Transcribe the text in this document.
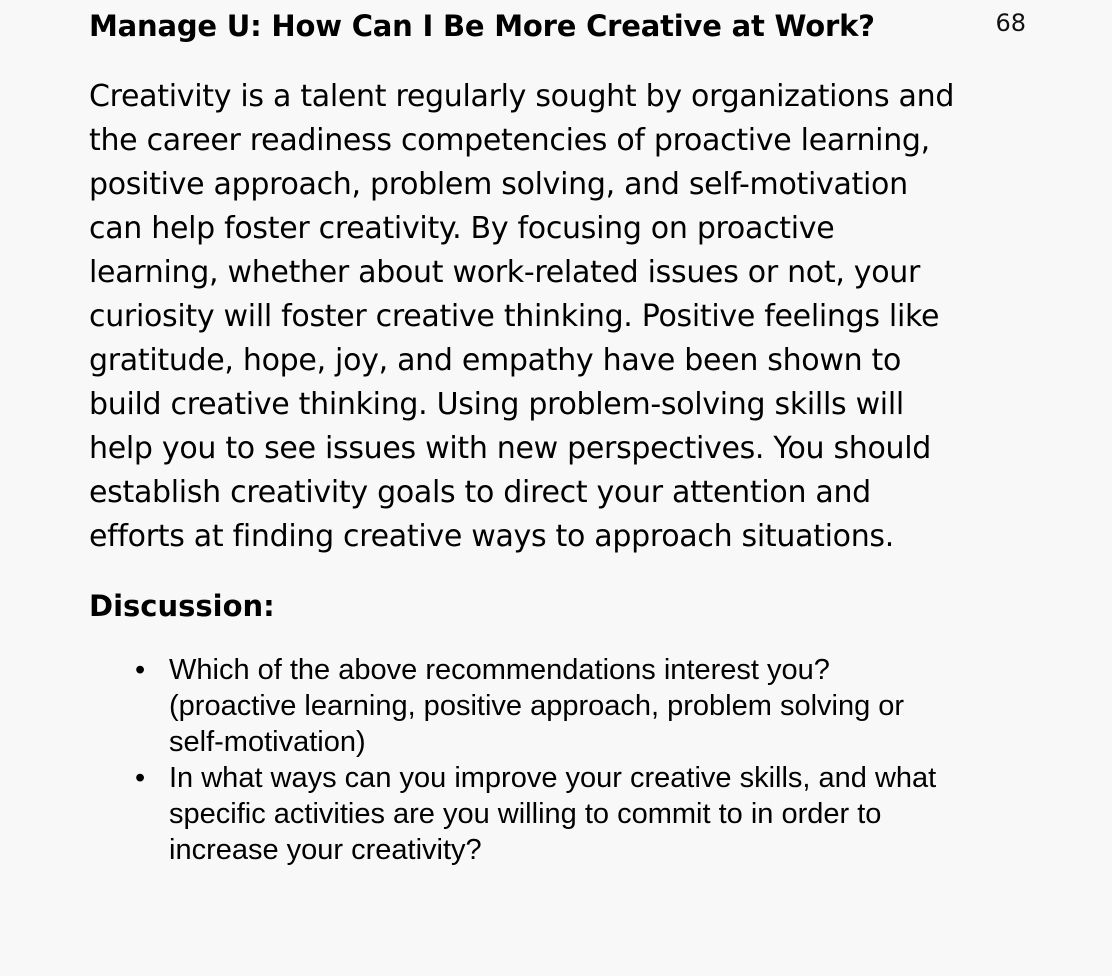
68
Manage U: How Can I Be More Creative at Work?

Creativity is a talent regularly sought by organizations and the career readiness competencies of proactive learning, positive approach, problem solving, and self-motivation can help foster creativity. By focusing on proactive learning, whether about work-related issues or not, your curiosity will foster creative thinking. Positive feelings like gratitude, hope, joy, and empathy have been shown to build creative thinking. Using problem-solving skills will help you to see issues with new perspectives. You should establish creativity goals to direct your attention and efforts at finding creative ways to approach situations.

Discussion:
• Which of the above recommendations interest you? (proactive learning, positive approach, problem solving or self-motivation)
• In what ways can you improve your creative skills, and what specific activities are you willing to commit to in order to increase your creativity?
